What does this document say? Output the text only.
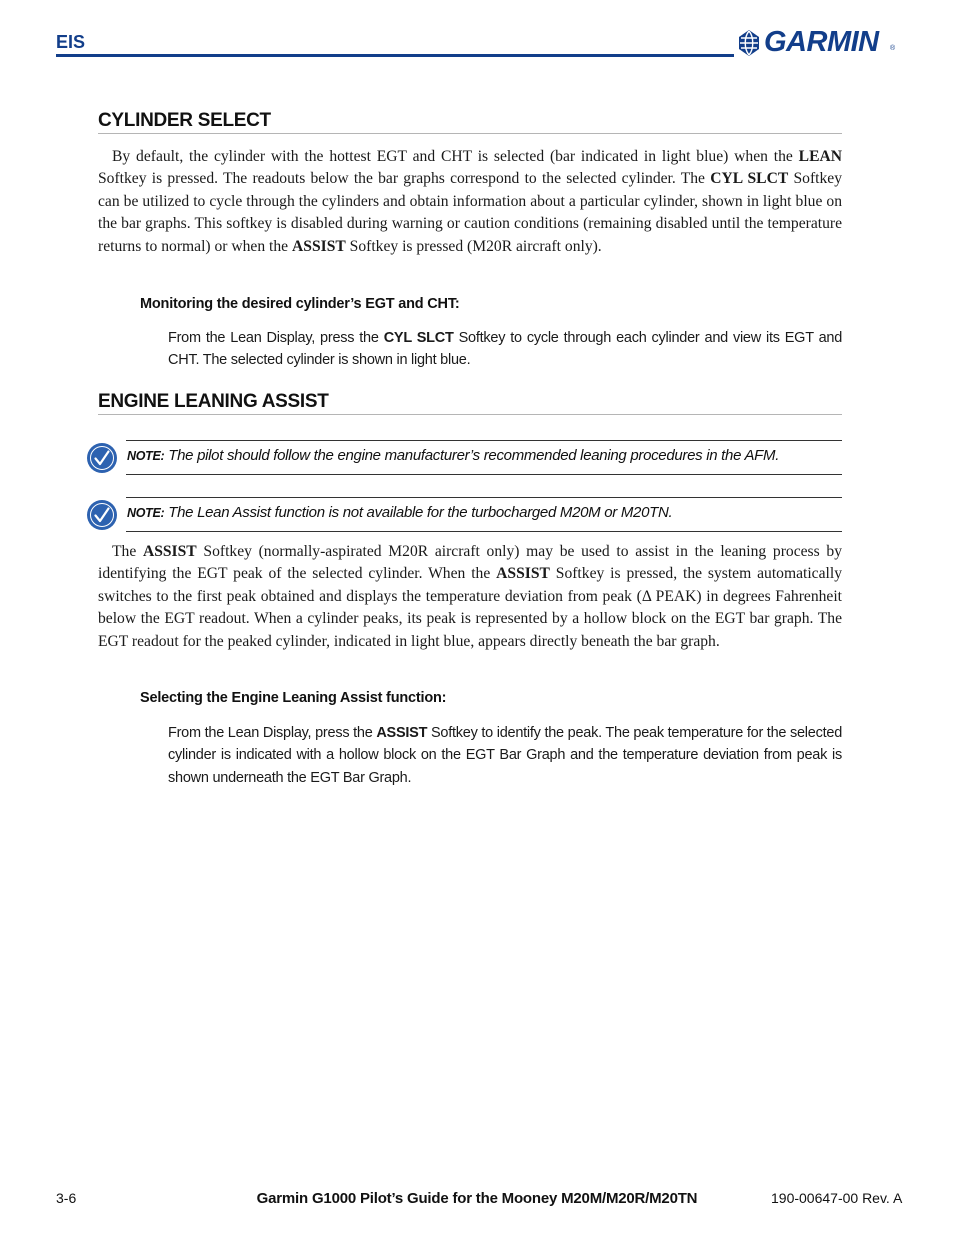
EIS	GARMIN ®
CYLINDER SELECT
By default, the cylinder with the hottest EGT and CHT is selected (bar indicated in light blue) when the LEAN Softkey is pressed. The readouts below the bar graphs correspond to the selected cylinder. The CYL SLCT Softkey can be utilized to cycle through the cylinders and obtain information about a particular cylinder, shown in light blue on the bar graphs. This softkey is disabled during warning or caution conditions (remaining disabled until the temperature returns to normal) or when the ASSIST Softkey is pressed (M20R aircraft only).
Monitoring the desired cylinder’s EGT and CHT:
From the Lean Display, press the CYL SLCT Softkey to cycle through each cylinder and view its EGT and CHT. The selected cylinder is shown in light blue.
ENGINE LEANING ASSIST
NOTE: The pilot should follow the engine manufacturer’s recommended leaning procedures in the AFM.
NOTE: The Lean Assist function is not available for the turbocharged M20M or M20TN.
The ASSIST Softkey (normally-aspirated M20R aircraft only) may be used to assist in the leaning process by identifying the EGT peak of the selected cylinder. When the ASSIST Softkey is pressed, the system automatically switches to the first peak obtained and displays the temperature deviation from peak (Δ PEAK) in degrees Fahrenheit below the EGT readout. When a cylinder peaks, its peak is represented by a hollow block on the EGT bar graph. The EGT readout for the peaked cylinder, indicated in light blue, appears directly beneath the bar graph.
Selecting the Engine Leaning Assist function:
From the Lean Display, press the ASSIST Softkey to identify the peak. The peak temperature for the selected cylinder is indicated with a hollow block on the EGT Bar Graph and the temperature deviation from peak is shown underneath the EGT Bar Graph.
3-6	Garmin G1000 Pilot’s Guide for the Mooney M20M/M20R/M20TN	190-00647-00 Rev. A
